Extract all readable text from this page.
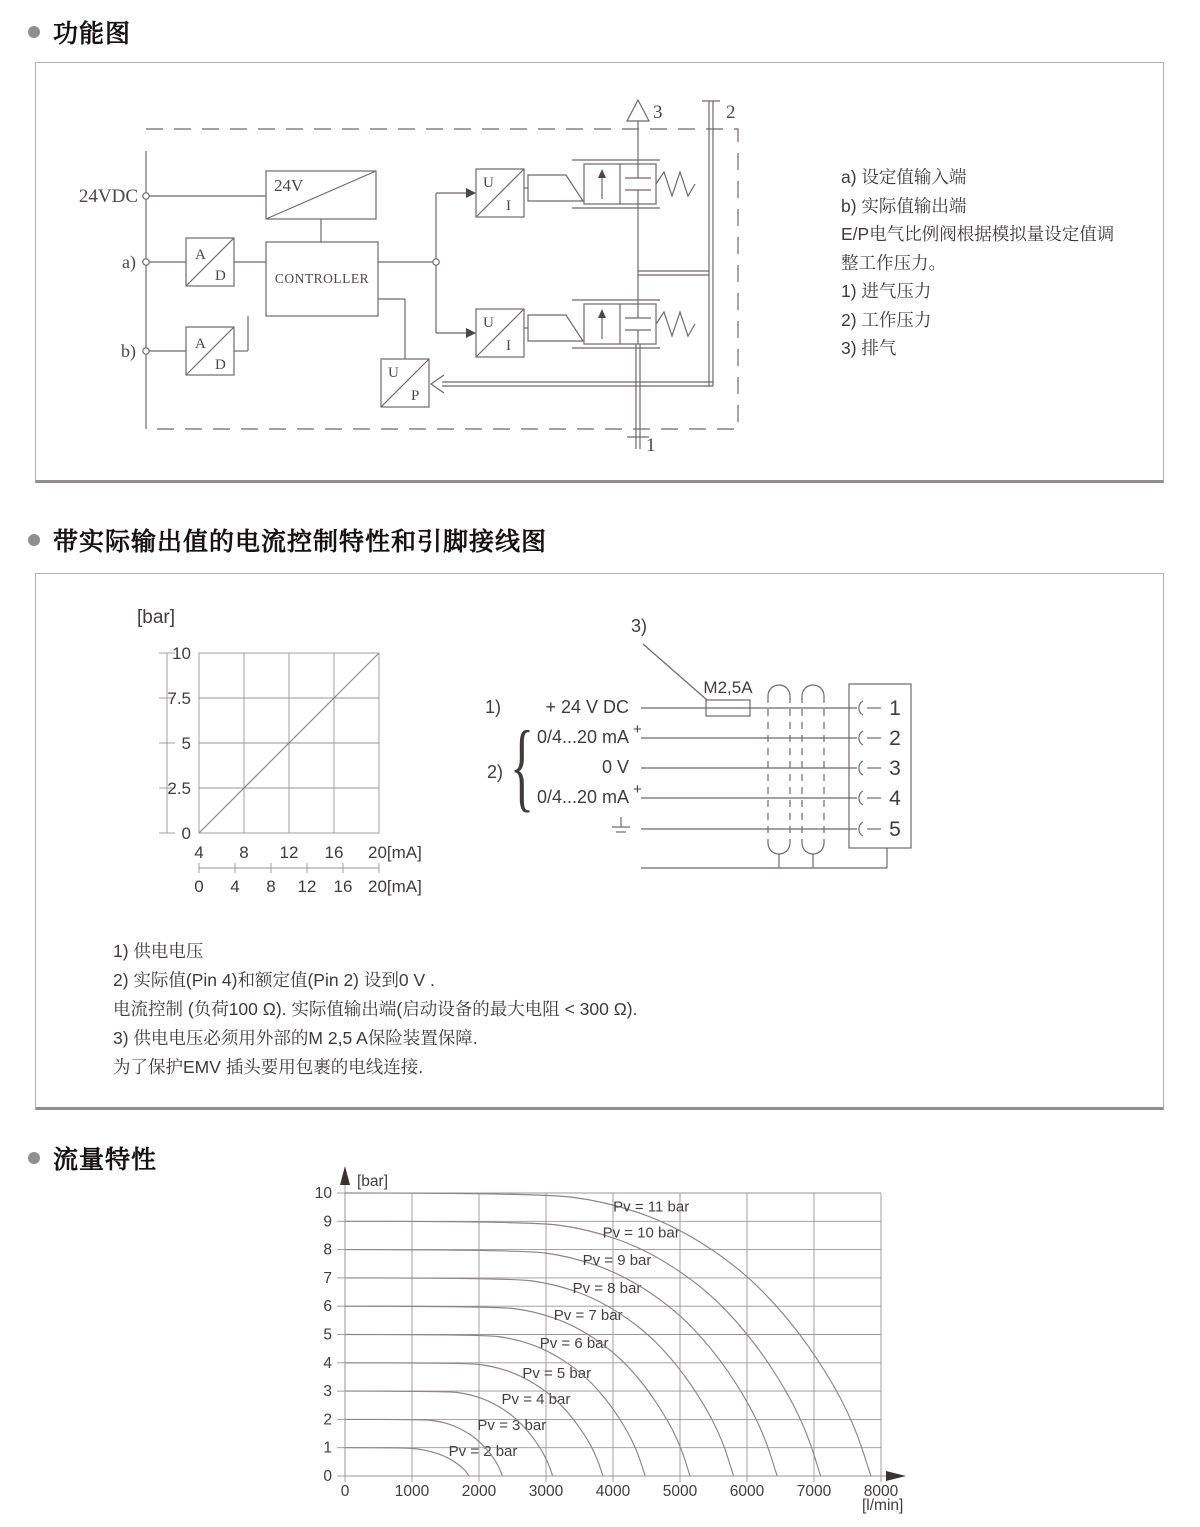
功能图
24VDC
a)
b)
24V
A
D
A
D
CONTROLLER
U
I
U
I
U
P
3	2
1
a) 设定值输入端
b) 实际值输出端
E/P电气比例阀根据模拟量设定值调
整工作压力。
1) 进气压力
2) 工作压力
3) 排气
带实际输出值的电流控制特性和引脚接线图
[bar]
10
7.5
5
2.5
0
4 8 12 16 20[mA]
0 4 8 12 16 20[mA]
3)
M2,5A
1)
2) {
+ 24 V DC
0/4...20 mA +
0 V
0/4...20 mA +
1
2
3
4
5
1) 供电电压
2) 实际值(Pin 4)和额定值(Pin 2) 设到0 V .
电流控制 (负荷100 Ω). 实际值输出端(启动设备的最大电阻 < 300 Ω).
3) 供电电压必须用外部的M 2,5 A保险装置保障.
为了保护EMV 插头要用包裹的电线连接.
流量特性
0	1000 2000 3000 4000 5000 6000 7000 8000
0
1
2
3
4
5
6
7
8
9
10
Pv = 2 bar
Pv = 3 bar
Pv = 4 bar
Pv = 5 bar
Pv = 6 bar
Pv = 7 bar
Pv = 8 bar
Pv = 9 bar
Pv = 10 bar
Pv = 11 bar
[bar]
[l/min]
